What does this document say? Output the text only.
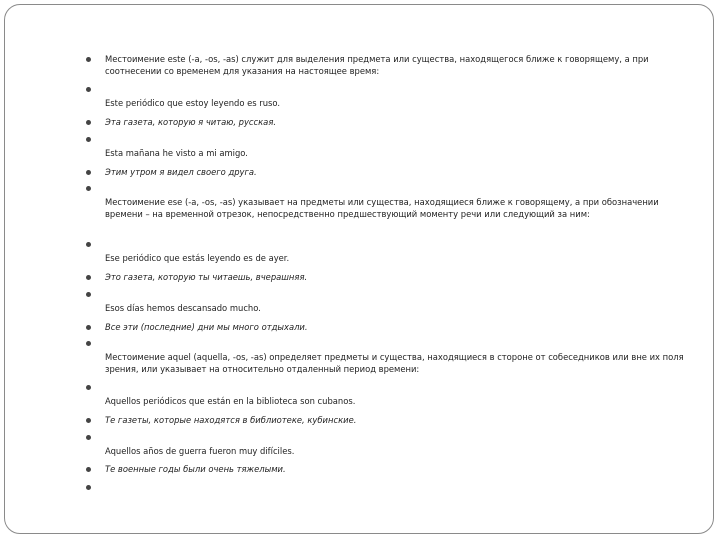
Местоимение este (-a, -os, -as) служит для выделения предмета или существа, находящегося ближе к говорящему, а при соотнесении со временем для указания на настоящее время:
Este periódico que estoy leyendo es ruso.
Эта газета, которую я читаю, русская.
Esta mañana he visto a mi amigo.
Этим утром я видел своего друга.
Местоимение ese (-a, -os, -as) указывает на предметы или существа, находящиеся ближе к говорящему, а при обозначении времени – на временной отрезок, непосредственно предшествующий моменту речи или следующий за ним:
Ese periódico que estás leyendo es de ayer.
Это газета, которую ты читаешь, вчерашняя.
Esos días hemos descansado mucho.
Все эти (последние) дни мы много отдыхали.
Местоимение aquel (aquella, -os, -as) определяет предметы и существа, находящиеся в стороне от собеседников или вне их поля зрения, или указывает на относительно отдаленный период времени:
Aquellos periódicos que están en la biblioteca son cubanos.
Те газеты, которые находятся в библиотеке, кубинские.
Aquellos años de guerra fueron muy difíciles.
Те военные годы были очень тяжелыми.
